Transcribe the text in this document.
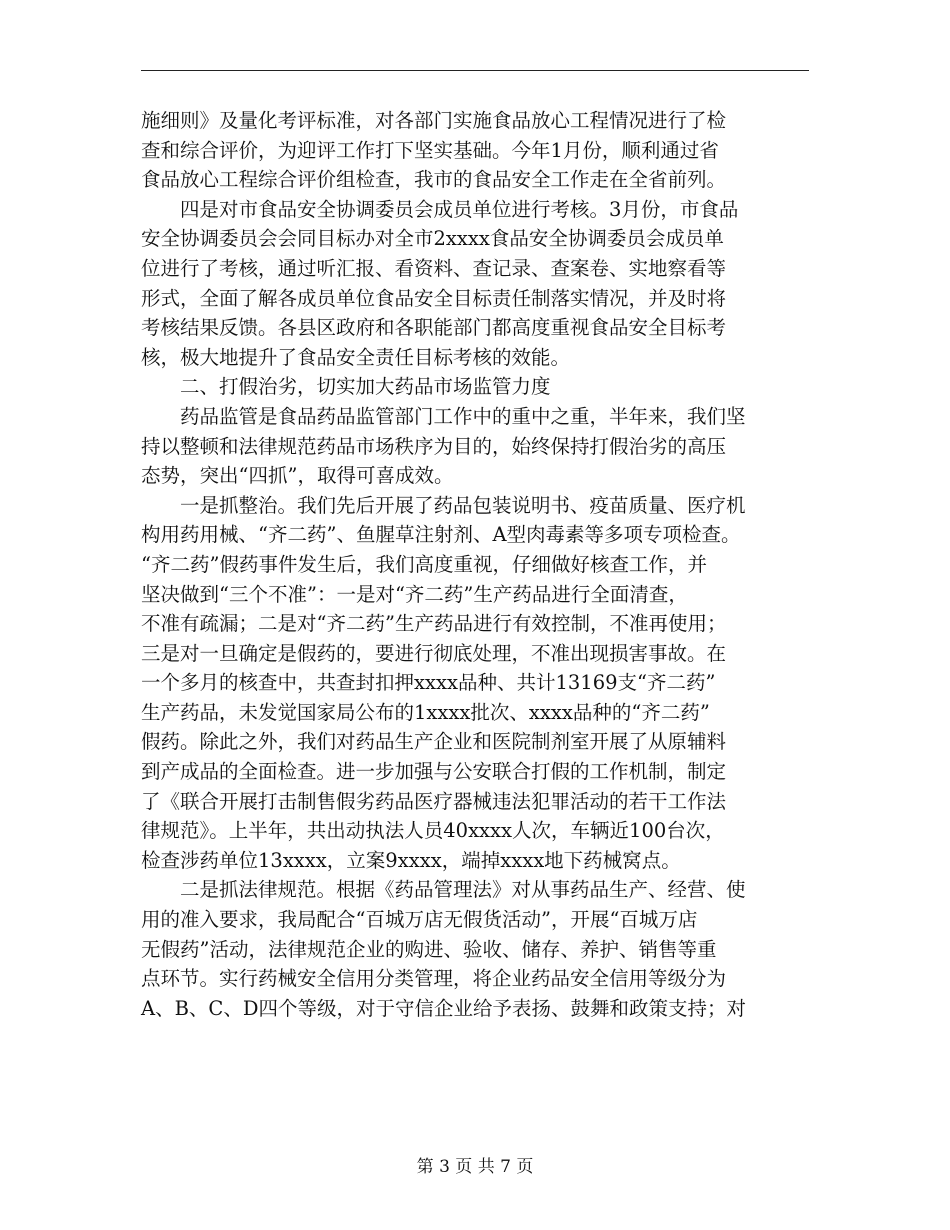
施细则》及量化考评标准，对各部门实施食品放心工程情况进行了检
查和综合评价，为迎评工作打下坚实基础。今年1月份，顺利通过省
食品放心工程综合评价组检查，我市的食品安全工作走在全省前列。
四是对市食品安全协调委员会成员单位进行考核。3月份，市食品
安全协调委员会会同目标办对全市2xxxx食品安全协调委员会成员单
位进行了考核，通过听汇报、看资料、查记录、查案卷、实地察看等
形式，全面了解各成员单位食品安全目标责任制落实情况，并及时将
考核结果反馈。各县区政府和各职能部门都高度重视食品安全目标考
核，极大地提升了食品安全责任目标考核的效能。
二、打假治劣，切实加大药品市场监管力度
药品监管是食品药品监管部门工作中的重中之重，半年来，我们坚
持以整顿和法律规范药品市场秩序为目的，始终保持打假治劣的高压
态势，突出“四抓”，取得可喜成效。
一是抓整治。我们先后开展了药品包装说明书、疫苗质量、医疗机
构用药用械、“齐二药”、鱼腥草注射剂、A型肉毒素等多项专项检查。
“齐二药”假药事件发生后，我们高度重视，仔细做好核查工作，并
坚决做到“三个不准”：一是对“齐二药”生产药品进行全面清查，
不准有疏漏；二是对“齐二药”生产药品进行有效控制，不准再使用；
三是对一旦确定是假药的，要进行彻底处理，不准出现损害事故。在
一个多月的核查中，共查封扣押xxxx品种、共计13169支“齐二药”
生产药品，未发觉国家局公布的1xxxx批次、xxxx品种的“齐二药”
假药。除此之外，我们对药品生产企业和医院制剂室开展了从原辅料
到产成品的全面检查。进一步加强与公安联合打假的工作机制，制定
了《联合开展打击制售假劣药品医疗器械违法犯罪活动的若干工作法
律规范》。上半年，共出动执法人员40xxxx人次，车辆近100台次，
检查涉药单位13xxxx，立案9xxxx，端掉xxxx地下药械窝点。
二是抓法律规范。根据《药品管理法》对从事药品生产、经营、使
用的准入要求，我局配合“百城万店无假货活动”，开展“百城万店
无假药”活动，法律规范企业的购进、验收、储存、养护、销售等重
点环节。实行药械安全信用分类管理，将企业药品安全信用等级分为
A、B、C、D四个等级，对于守信企业给予表扬、鼓舞和政策支持；对
第 3 页 共 7 页
